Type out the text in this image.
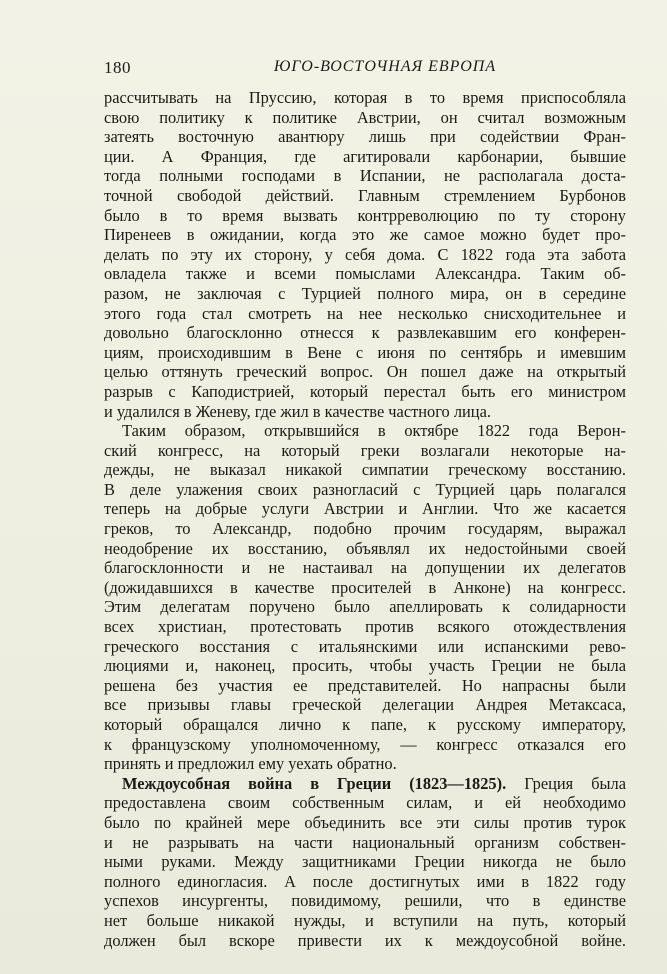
180	ЮГО-ВОСТОЧНАЯ ЕВРОПА

рассчитывать на Пруссию, которая в то время приспособляла
свою политику к политике Австрии, он считал возможным
затеять восточную авантюру лишь при содействии Фран-
ции. А Франция, где агитировали карбонарии, бывшие
тогда полными господами в Испании, не располагала доста-
точной свободой действий. Главным стремлением Бурбонов
было в то время вызвать контрреволюцию по ту сторону
Пиренеев в ожидании, когда это же самое можно будет про-
делать по эту их сторону, у себя дома. С 1822 года эта забота
овладела также и всеми помыслами Александра. Таким об-
разом, не заключая с Турцией полного мира, он в середине
этого года стал смотреть на нее несколько снисходительнее и
довольно благосклонно отнесся к развлекавшим его конферен-
циям, происходившим в Вене с июня по сентябрь и имевшим
целью оттянуть греческий вопрос. Он пошел даже на открытый
разрыв с Каподистрией, который перестал быть его министром
и удалился в Женеву, где жил в качестве частного лица.

Таким образом, открывшийся в октябре 1822 года Верон-
ский конгресс, на который греки возлагали некоторые на-
дежды, не выказал никакой симпатии греческому восстанию.
В деле улажения своих разногласий с Турцией царь полагался
теперь на добрые услуги Австрии и Англии. Что же касается
греков, то Александр, подобно прочим государям, выражал
неодобрение их восстанию, объявлял их недостойными своей
благосклонности и не настаивал на допущении их делегатов
(дожидавшихся в качестве просителей в Анконе) на конгресс.
Этим делегатам поручено было апеллировать к солидарности
всех христиан, протестовать против всякого отождествления
греческого восстания с итальянскими или испанскими рево-
люциями и, наконец, просить, чтобы участь Греции не была
решена без участия ее представителей. Но напрасны были
все призывы главы греческой делегации Андрея Метаксаса,
который обращался лично к папе, к русскому императору,
к французскому уполномоченному, — конгресс отказался его
принять и предложил ему уехать обратно.

Междоусобная война в Греции (1823—1825). Греция была
предоставлена своим собственным силам, и ей необходимо
было по крайней мере объединить все эти силы против турок
и не разрывать на части национальный организм собствен-
ными руками. Между защитниками Греции никогда не было
полного единогласия. А после достигнутых ими в 1822 году
успехов инсургенты, повидимому, решили, что в единстве
нет больше никакой нужды, и вступили на путь, который
должен был вскоре привести их к междоусобной войне.
